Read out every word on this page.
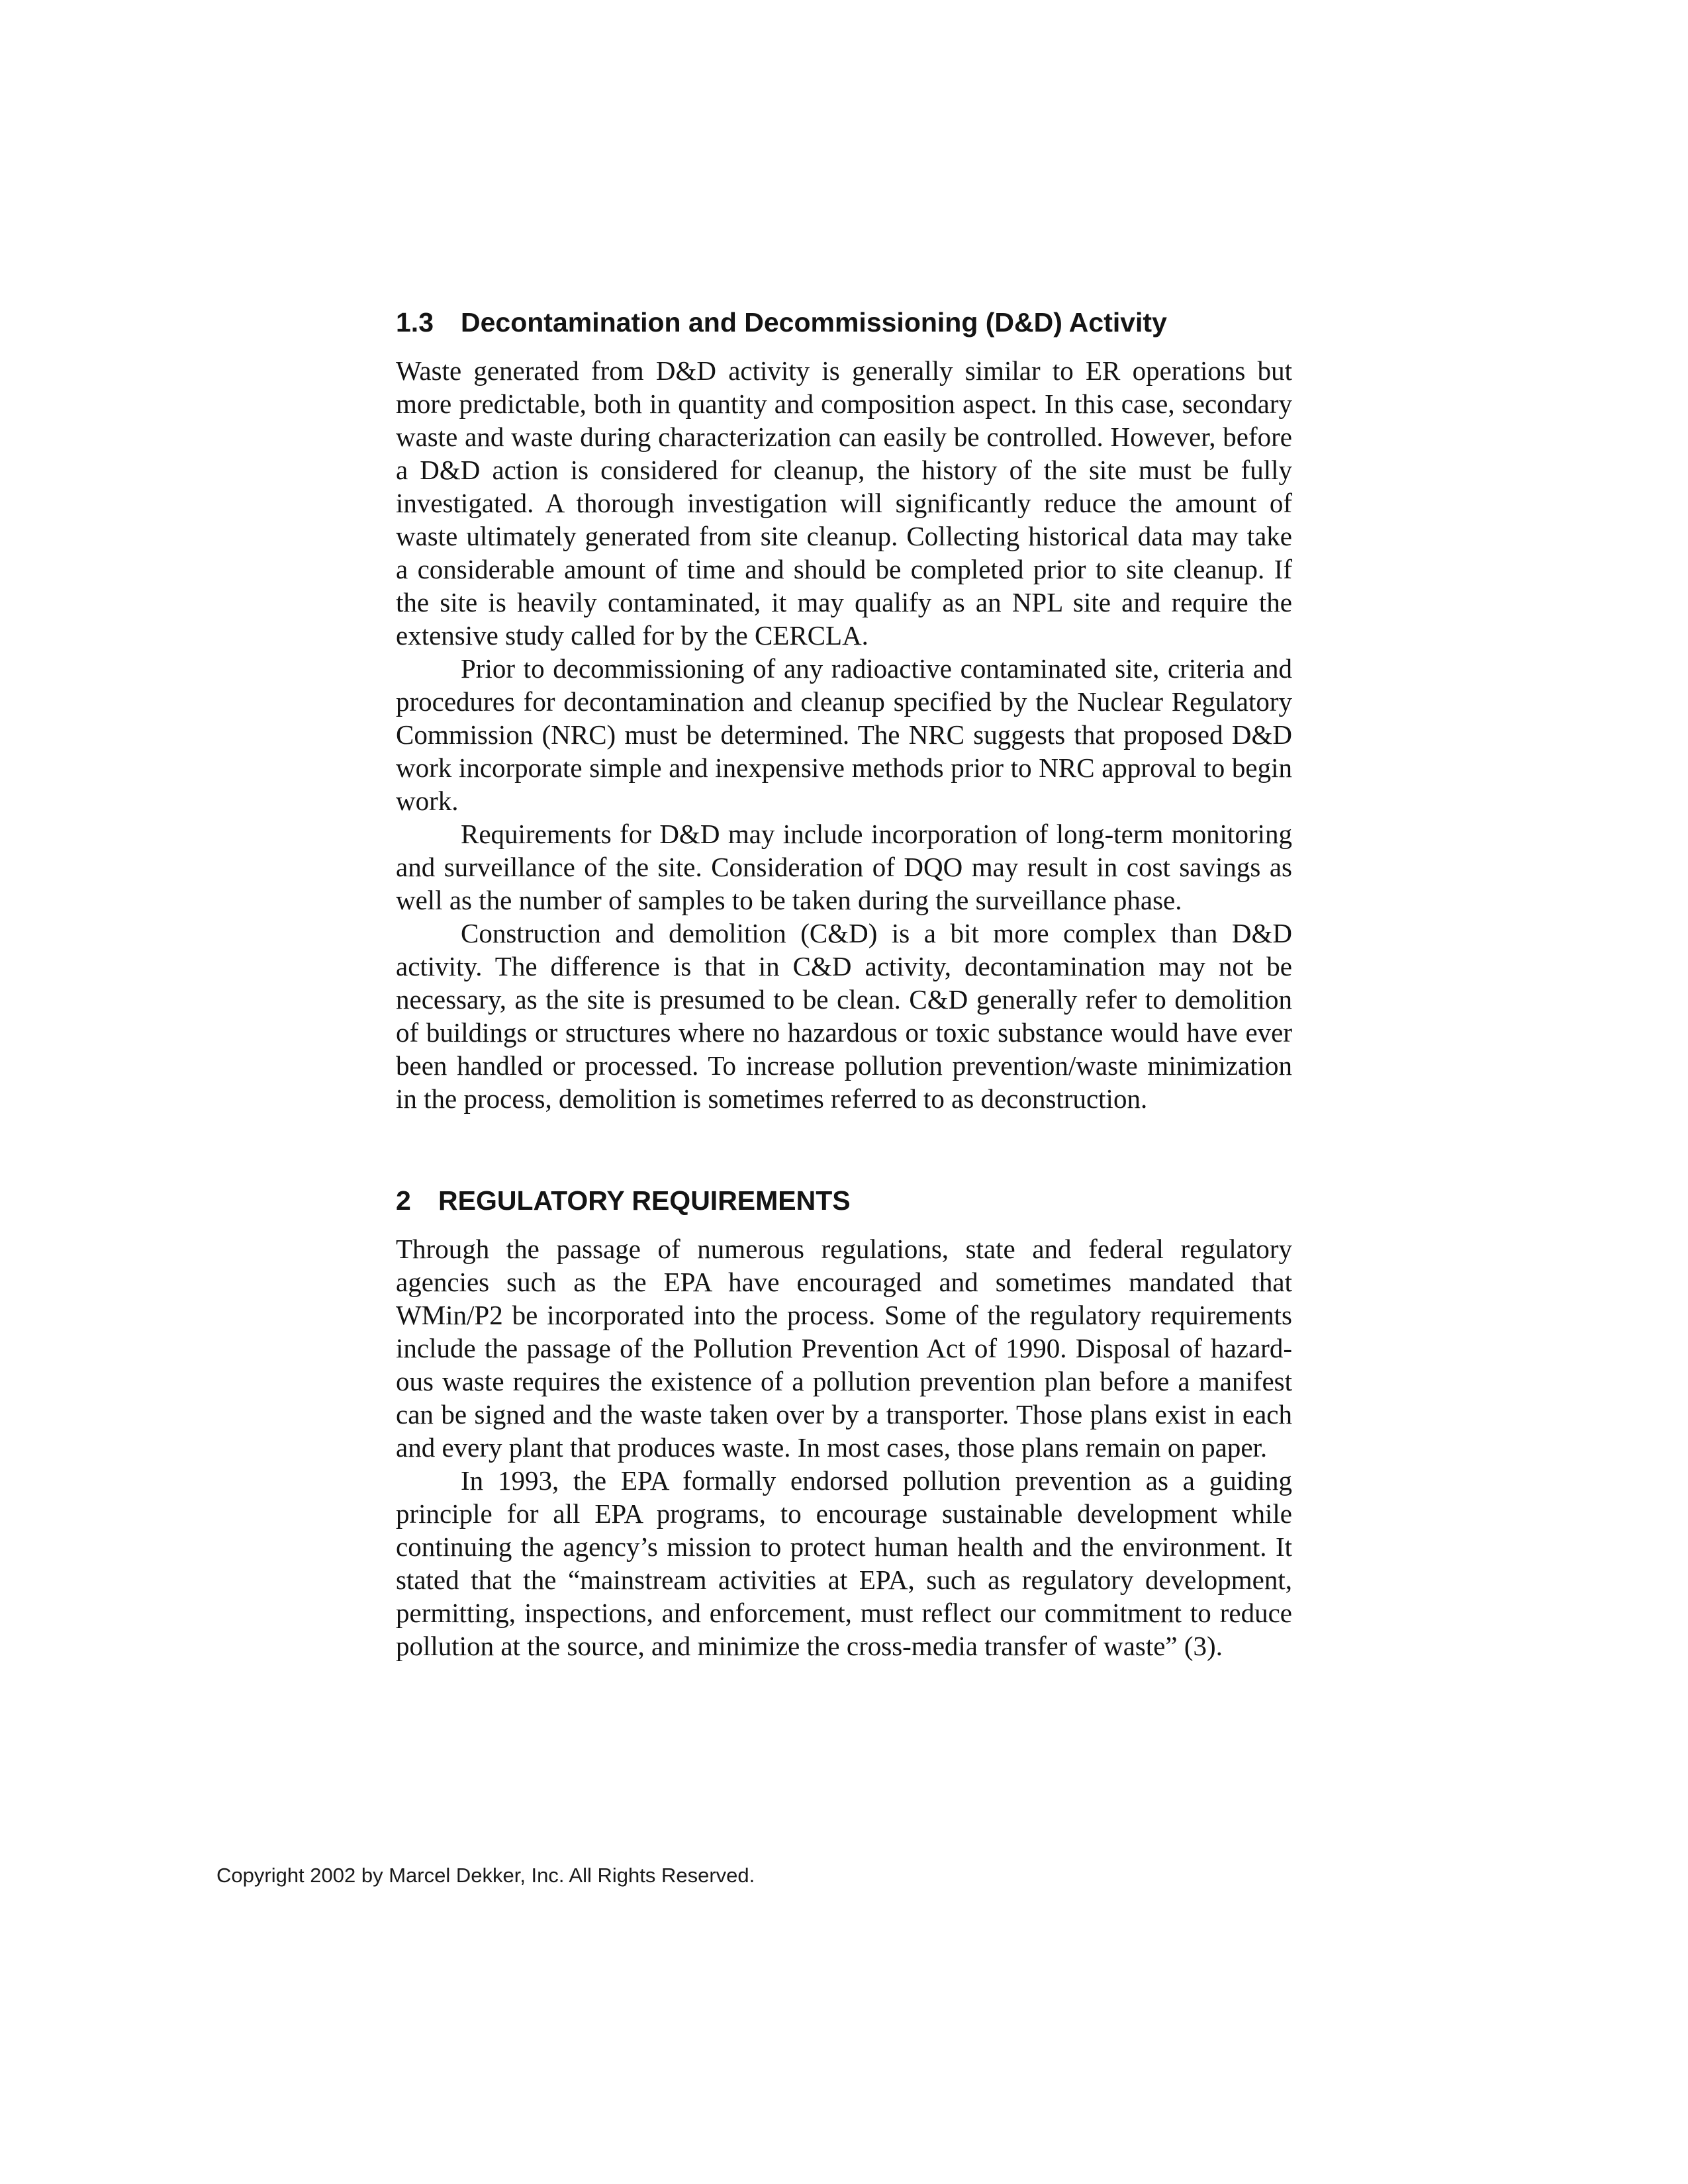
1.3 Decontamination and Decommissioning (D&D) Activity

Waste generated from D&D activity is generally similar to ER operations but more predictable, both in quantity and composition aspect. In this case, secondary waste and waste during characterization can easily be controlled. However, before a D&D action is considered for cleanup, the history of the site must be fully investigated. A thorough investigation will significantly reduce the amount of waste ultimately generated from site cleanup. Collecting historical data may take a considerable amount of time and should be completed prior to site cleanup. If the site is heavily contaminated, it may qualify as an NPL site and require the extensive study called for by the CERCLA.

Prior to decommissioning of any radioactive contaminated site, criteria and procedures for decontamination and cleanup specified by the Nuclear Regulatory Commission (NRC) must be determined. The NRC suggests that proposed D&D work incorporate simple and inexpensive methods prior to NRC approval to begin work.

Requirements for D&D may include incorporation of long-term monitoring and surveillance of the site. Consideration of DQO may result in cost savings as well as the number of samples to be taken during the surveillance phase.

Construction and demolition (C&D) is a bit more complex than D&D activity. The difference is that in C&D activity, decontamination may not be necessary, as the site is presumed to be clean. C&D generally refer to demolition of buildings or structures where no hazardous or toxic substance would have ever been handled or processed. To increase pollution prevention/waste minimization in the process, demolition is sometimes referred to as deconstruction.

2 REGULATORY REQUIREMENTS

Through the passage of numerous regulations, state and federal regulatory agencies such as the EPA have encouraged and sometimes mandated that WMin/P2 be incorporated into the process. Some of the regulatory requirements include the passage of the Pollution Prevention Act of 1990. Disposal of hazardous waste requires the existence of a pollution prevention plan before a manifest can be signed and the waste taken over by a transporter. Those plans exist in each and every plant that produces waste. In most cases, those plans remain on paper.

In 1993, the EPA formally endorsed pollution prevention as a guiding principle for all EPA programs, to encourage sustainable development while continuing the agency’s mission to protect human health and the environment. It stated that the “mainstream activities at EPA, such as regulatory development, permitting, inspections, and enforcement, must reflect our commitment to reduce pollution at the source, and minimize the cross-media transfer of waste” (3).

Copyright 2002 by Marcel Dekker, Inc. All Rights Reserved.
